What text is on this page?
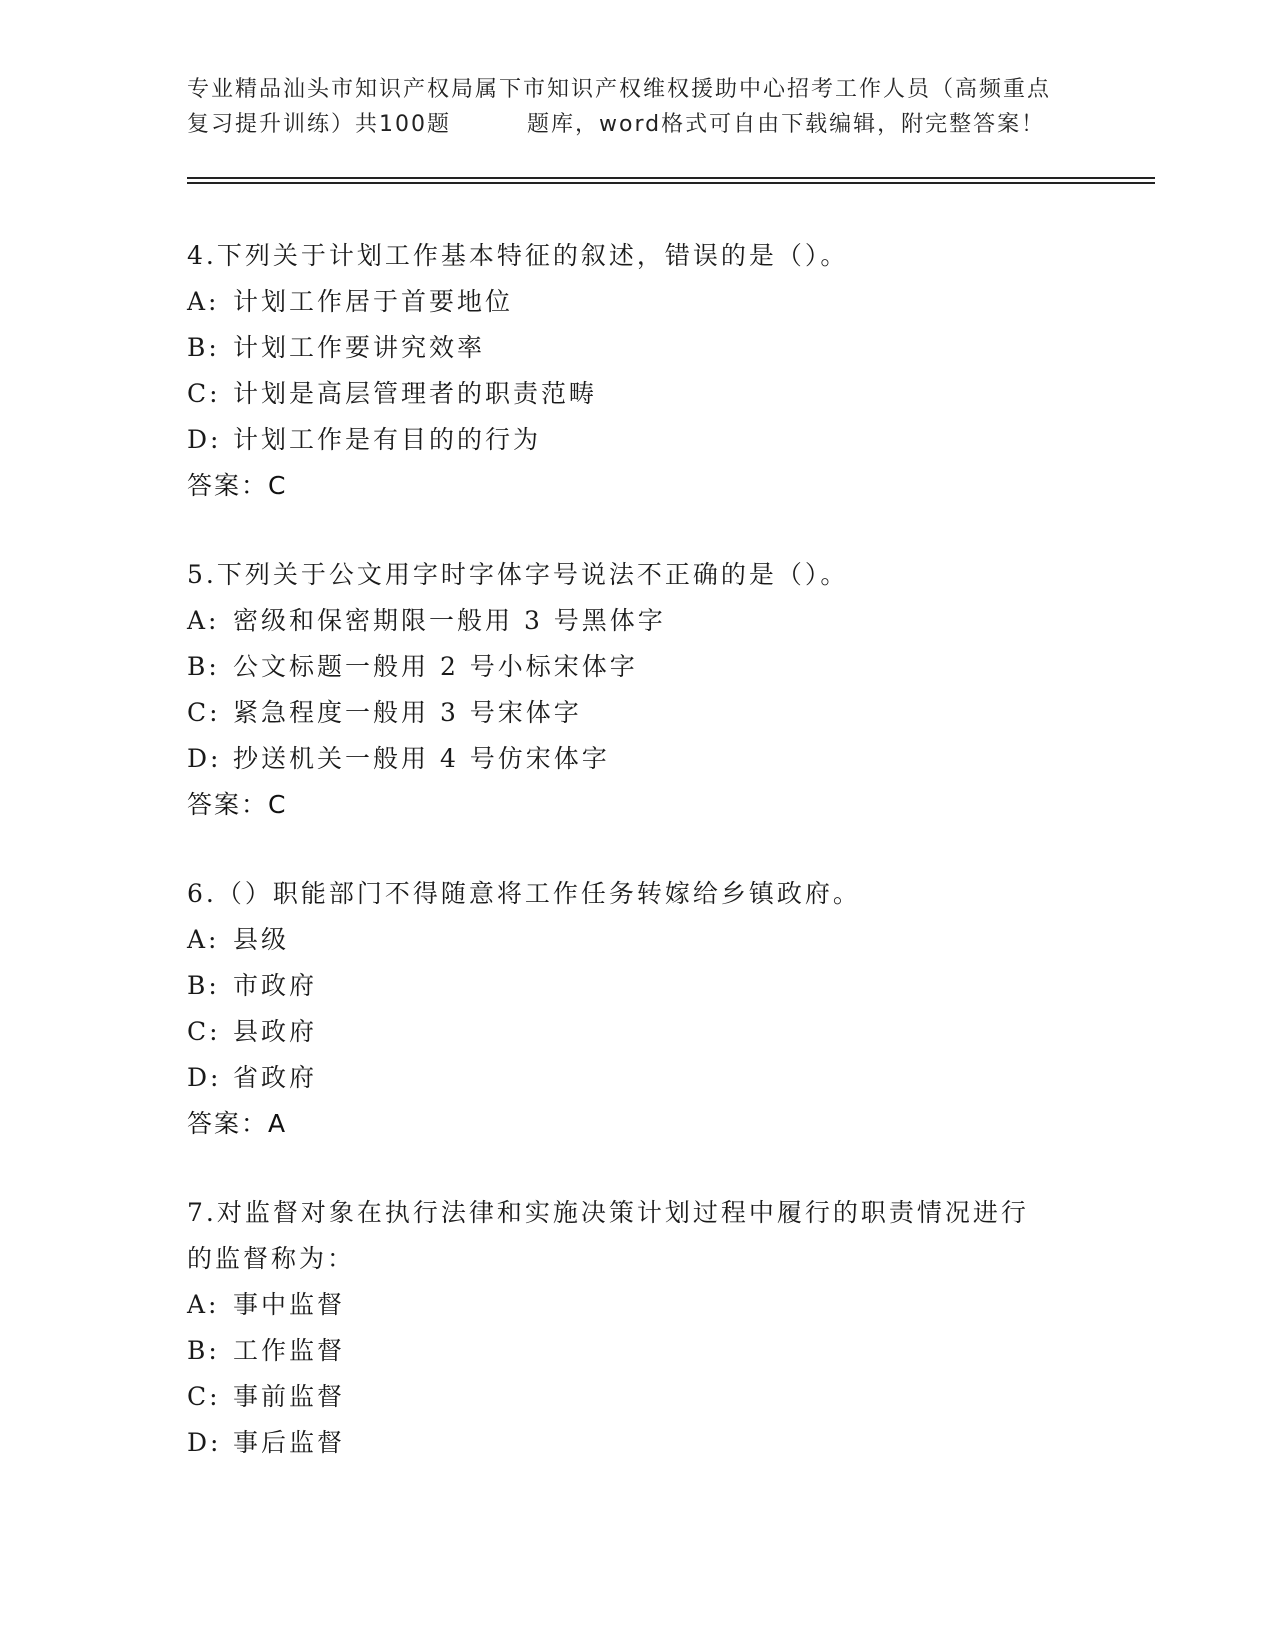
专业精品汕头市知识产权局属下市知识产权维权援助中心招考工作人员（高频重点
复习提升训练）共100题	题库，word格式可自由下载编辑，附完整答案！

4.下列关于计划工作基本特征的叙述，错误的是（）。

A: 计划工作居于首要地位

B: 计划工作要讲究效率

C: 计划是高层管理者的职责范畴

D: 计划工作是有目的的行为

答案：C

5.下列关于公文用字时字体字号说法不正确的是（）。

A: 密级和保密期限一般用 3 号黑体字

B: 公文标题一般用 2 号小标宋体字

C: 紧急程度一般用 3 号宋体字

D: 抄送机关一般用 4 号仿宋体字

答案：C

6.（）职能部门不得随意将工作任务转嫁给乡镇政府。

A: 县级

B: 市政府

C: 县政府

D: 省政府

答案：A

7.对监督对象在执行法律和实施决策计划过程中履行的职责情况进行

的监督称为：

A: 事中监督

B: 工作监督

C: 事前监督

D: 事后监督
